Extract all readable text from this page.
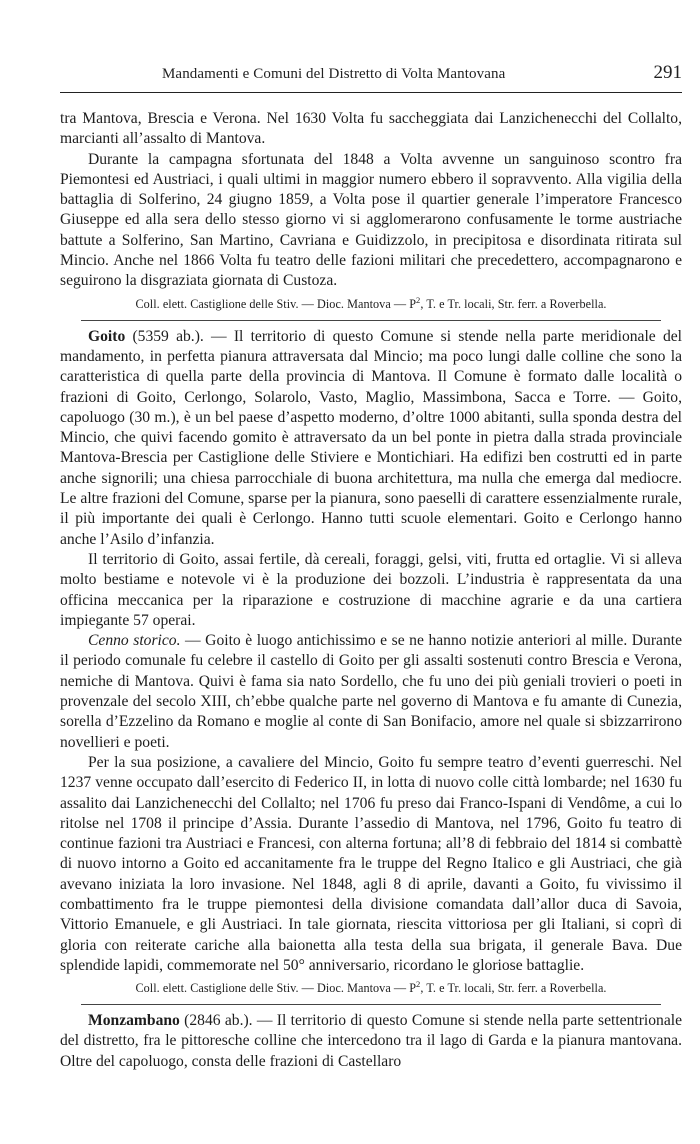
Mandamenti e Comuni del Distretto di Volta Mantovana	291

tra Mantova, Brescia e Verona. Nel 1630 Volta fu saccheggiata dai Lanzichenecchi del Collalto, marcianti all’assalto di Mantova.

Durante la campagna sfortunata del 1848 a Volta avvenne un sanguinoso scontro fra Piemontesi ed Austriaci, i quali ultimi in maggior numero ebbero il sopravvento. Alla vigilia della battaglia di Solferino, 24 giugno 1859, a Volta pose il quartier generale l’imperatore Francesco Giuseppe ed alla sera dello stesso giorno vi si agglomerarono confusamente le torme austriache battute a Solferino, San Martino, Cavriana e Guidizzolo, in precipitosa e disordinata ritirata sul Mincio. Anche nel 1866 Volta fu teatro delle fazioni militari che precedettero, accompagnarono e seguirono la disgraziata giornata di Custoza.

Coll. elett. Castiglione delle Stiv. — Dioc. Mantova — $P^2$, T. e Tr. locali, Str. ferr. a Roverbella.

Goito (5359 ab.). — Il territorio di questo Comune si stende nella parte meridionale del mandamento, in perfetta pianura attraversata dal Mincio; ma poco lungi dalle colline che sono la caratteristica di quella parte della provincia di Mantova. Il Comune è formato dalle località o frazioni di Goito, Cerlongo, Solarolo, Vasto, Maglio, Massimbona, Sacca e Torre. — Goito, capoluogo (30 m.), è un bel paese d’aspetto moderno, d’oltre 1000 abitanti, sulla sponda destra del Mincio, che quivi facendo gomito è attraversato da un bel ponte in pietra dalla strada provinciale Mantova-Brescia per Castiglione delle Stiviere e Montichiari. Ha edifizi ben costrutti ed in parte anche signorili; una chiesa parrocchiale di buona architettura, ma nulla che emerga dal mediocre. Le altre frazioni del Comune, sparse per la pianura, sono paeselli di carattere essenzialmente rurale, il più importante dei quali è Cerlongo. Hanno tutti scuole elementari. Goito e Cerlongo hanno anche l’Asilo d’infanzia.

Il territorio di Goito, assai fertile, dà cereali, foraggi, gelsi, viti, frutta ed ortaglie. Vi si alleva molto bestiame e notevole vi è la produzione dei bozzoli. L’industria è rappresentata da una officina meccanica per la riparazione e costruzione di macchine agrarie e da una cartiera impiegante 57 operai.

Cenno storico. — Goito è luogo antichissimo e se ne hanno notizie anteriori al mille. Durante il periodo comunale fu celebre il castello di Goito per gli assalti sostenuti contro Brescia e Verona, nemiche di Mantova. Quivi è fama sia nato Sordello, che fu uno dei più geniali trovieri o poeti in provenzale del secolo XIII, ch’ebbe qualche parte nel governo di Mantova e fu amante di Cunezia, sorella d’Ezzelino da Romano e moglie al conte di San Bonifacio, amore nel quale si sbizzarrirono novellieri e poeti.

Per la sua posizione, a cavaliere del Mincio, Goito fu sempre teatro d’eventi guerreschi. Nel 1237 venne occupato dall’esercito di Federico II, in lotta di nuovo colle città lombarde; nel 1630 fu assalito dai Lanzichenecchi del Collalto; nel 1706 fu preso dai Franco-Ispani di Vendôme, a cui lo ritolse nel 1708 il principe d’Assia. Durante l’assedio di Mantova, nel 1796, Goito fu teatro di continue fazioni tra Austriaci e Francesi, con alterna fortuna; all’8 di febbraio del 1814 si combattè di nuovo intorno a Goito ed accanitamente fra le truppe del Regno Italico e gli Austriaci, che già avevano iniziata la loro invasione. Nel 1848, agli 8 di aprile, davanti a Goito, fu vivissimo il combattimento fra le truppe piemontesi della divisione comandata dall’allor duca di Savoia, Vittorio Emanuele, e gli Austriaci. In tale giornata, riescita vittoriosa per gli Italiani, si coprì di gloria con reiterate cariche alla baionetta alla testa della sua brigata, il generale Bava. Due splendide lapidi, commemorate nel 50° anniversario, ricordano le gloriose battaglie.

Coll. elett. Castiglione delle Stiv. — Dioc. Mantova — $P^2$, T. e Tr. locali, Str. ferr. a Roverbella.

Monzambano (2846 ab.). — Il territorio di questo Comune si stende nella parte settentrionale del distretto, fra le pittoresche colline che intercedono tra il lago di Garda e la pianura mantovana. Oltre del capoluogo, consta delle frazioni di Castellaro
